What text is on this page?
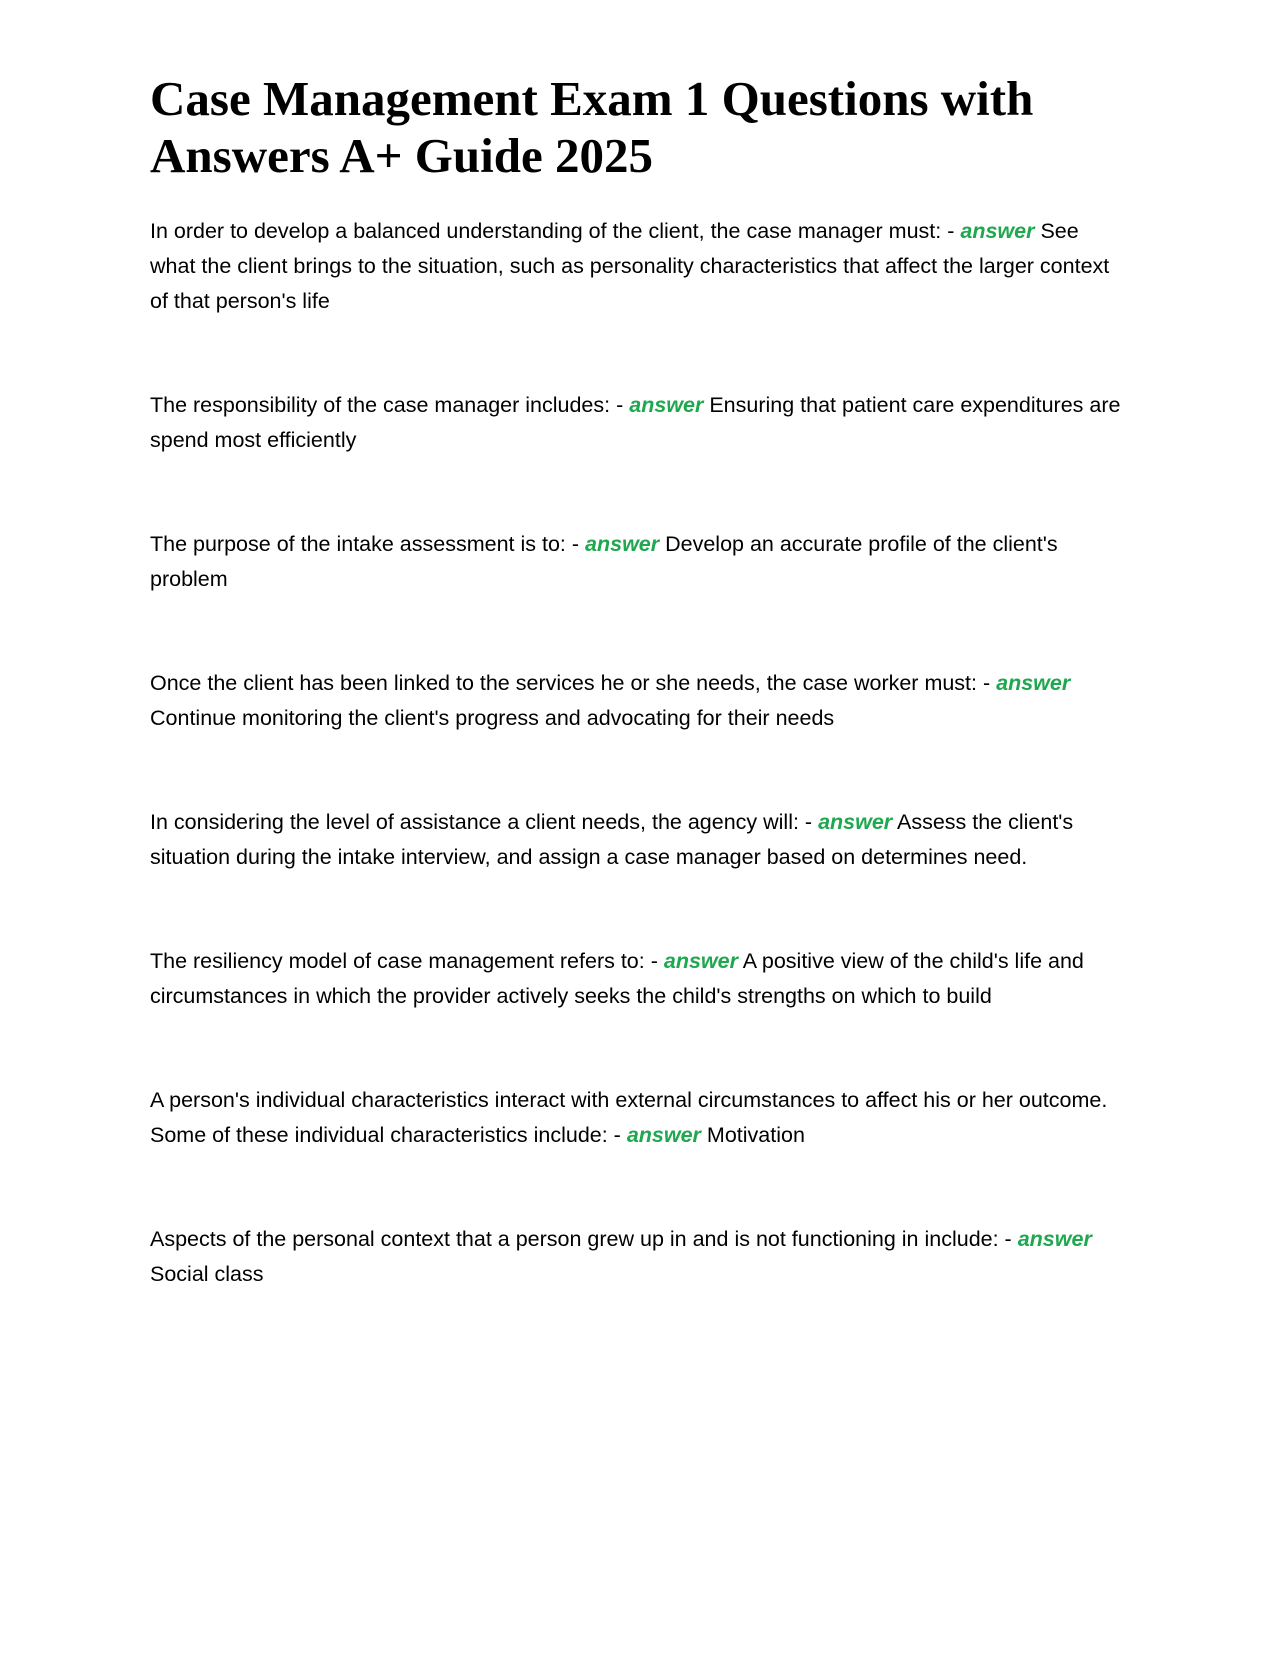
Case Management Exam 1 Questions with Answers A+ Guide 2025

In order to develop a balanced understanding of the client, the case manager must: - answer See what the client brings to the situation, such as personality characteristics that affect the larger context of that person's life

The responsibility of the case manager includes: - answer Ensuring that patient care expenditures are spend most efficiently

The purpose of the intake assessment is to: - answer Develop an accurate profile of the client's problem

Once the client has been linked to the services he or she needs, the case worker must: - answer Continue monitoring the client's progress and advocating for their needs

In considering the level of assistance a client needs, the agency will: - answer Assess the client's situation during the intake interview, and assign a case manager based on determines need.

The resiliency model of case management refers to: - answer A positive view of the child's life and circumstances in which the provider actively seeks the child's strengths on which to build

A person's individual characteristics interact with external circumstances to affect his or her outcome. Some of these individual characteristics include: - answer Motivation

Aspects of the personal context that a person grew up in and is not functioning in include: - answer Social class
